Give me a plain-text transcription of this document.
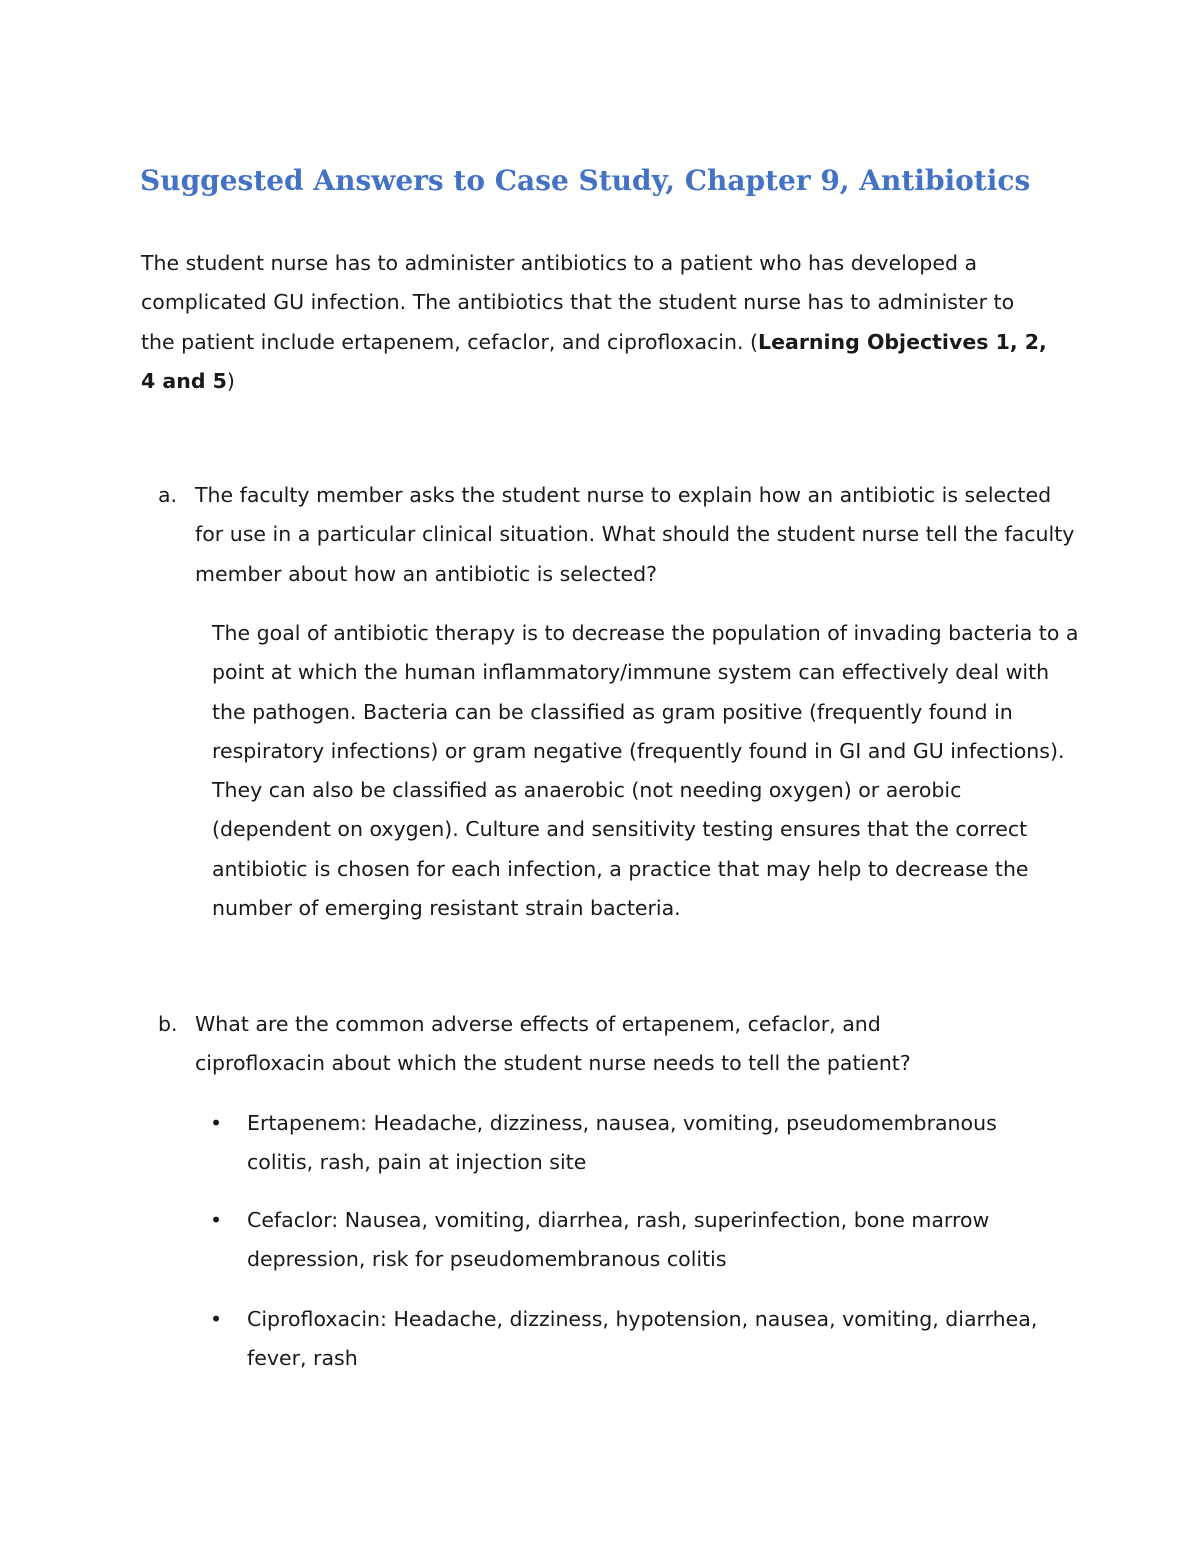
Suggested Answers to Case Study, Chapter 9, Antibiotics

The student nurse has to administer antibiotics to a patient who has developed a complicated GU infection. The antibiotics that the student nurse has to administer to the patient include ertapenem, cefaclor, and ciprofloxacin. (Learning Objectives 1, 2, 4 and 5)

a. The faculty member asks the student nurse to explain how an antibiotic is selected for use in a particular clinical situation. What should the student nurse tell the faculty member about how an antibiotic is selected?

The goal of antibiotic therapy is to decrease the population of invading bacteria to a point at which the human inflammatory/immune system can effectively deal with the pathogen. Bacteria can be classified as gram positive (frequently found in respiratory infections) or gram negative (frequently found in GI and GU infections). They can also be classified as anaerobic (not needing oxygen) or aerobic (dependent on oxygen). Culture and sensitivity testing ensures that the correct antibiotic is chosen for each infection, a practice that may help to decrease the number of emerging resistant strain bacteria.

b. What are the common adverse effects of ertapenem, cefaclor, and ciprofloxacin about which the student nurse needs to tell the patient?

• Ertapenem: Headache, dizziness, nausea, vomiting, pseudomembranous colitis, rash, pain at injection site

• Cefaclor: Nausea, vomiting, diarrhea, rash, superinfection, bone marrow depression, risk for pseudomembranous colitis

• Ciprofloxacin: Headache, dizziness, hypotension, nausea, vomiting, diarrhea, fever, rash
